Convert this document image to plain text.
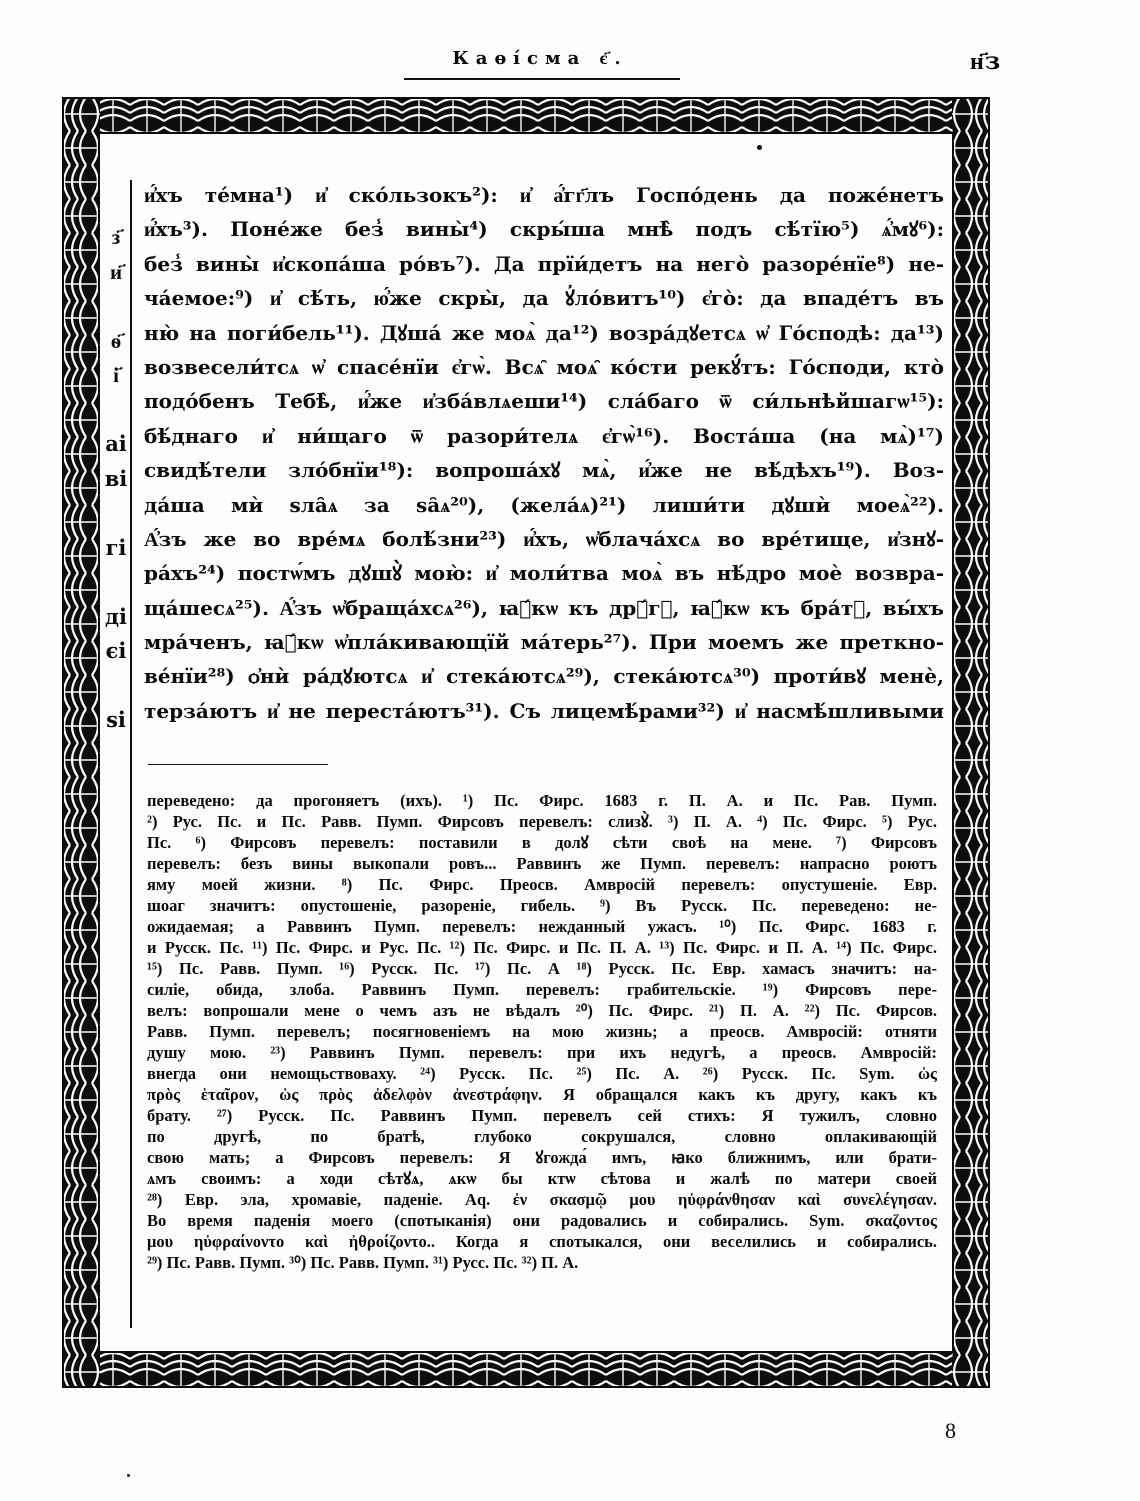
Каѳі́сма є҃.	н҃з
з҃
и҃
ѳ҃
і҃
аі
ві
гі
ді
єі
ѕі
и҆́хъ те́мна¹) и҆ ско́льзокъ²): и҆ а҆́гг҃лъ Госпо́день да поже́нетъ
и҆́хъ³). Поне́же без̾ вины̀⁴) скры́ша мнѣ̀ подъ сѣ́тїю⁵) ѧ҆́мꙋ⁶):
без̾ вины̀ и҆скопа́ша ро́въ⁷). Да прїи́детъ на него̀ разоре́нїе⁸) не-
ча́емое:⁹) и҆ сѣ́ть, ю҆́же скры̀, да ꙋ҆ло́витъ¹⁰) є҆го̀: да впаде́тъ въ
ню̀ на поги́бель¹¹). Дꙋша́ же моѧ̀ да¹²) возра́дꙋетсѧ ѡ҆ Го́сподѣ: да¹³)
возвесели́тсѧ ѡ҆ спасе́нїи є҆гѡ̀. Всѧ̑ моѧ̑ ко́сти рекꙋ́тъ: Го́споди, кто̀
подо́бенъ Тебѣ̀, и҆́же и҆зба́влѧеши¹⁴) сла́баго ѿ си́льнѣйшагѡ¹⁵):
бѣ́днаго и҆ ни́щаго ѿ разори́телѧ є҆гѡ̀¹⁶). Воста́ша (на мѧ̀)¹⁷)
свидѣ́тели зло́бнїи¹⁸): вопроша́хꙋ мѧ̀, и҆́же не вѣ́дѣхъ¹⁹). Воз-
да́ша мѝ ѕла̑ѧ за ѕа̑ѧ²⁰), (жела́ѧ)²¹) лиши́ти дꙋшѝ моеѧ̀²²).
А҆́зъ же во вре́мѧ болѣ́зни²³) и҆́хъ, ѡ҆блача́хсѧ во вре́тище, и҆знꙋ-
ра́хъ²⁴) постѡ́мъ дꙋшꙋ̀ мою̀: и҆ моли́тва моѧ̀ въ нѣ́дро моѐ возвра-
ща́шесѧ²⁵). А҆́зъ ѡ҆браща́хсѧ²⁶), ꙗ҆́кѡ къ дрꙋ́гꙋ, ꙗ҆́кѡ къ бра́тꙋ, вы́хъ
мра́ченъ, ꙗ҆́кѡ ѡ҆пла́кивающїй ма́терь²⁷). При моемъ же преткно-
ве́нїи²⁸) ѻ҆нѝ ра́дꙋютсѧ и҆ стека́ютсѧ²⁹), стека́ютсѧ³⁰) проти́вꙋ менѐ,
терза́ютъ и҆ не переста́ютъ³¹). Съ лицемѣ́рами³²) и҆ насмѣ́шливыми
переведено: да прогоняетъ (ихъ). ¹) Пс. Фирс. 1683 г. П. А. и Пс. Рав. Пумп.
²) Рус. Пс. и Пс. Равв. Пумп. Фирсовъ перевелъ: слизꙋ̀. ³) П. А. ⁴) Пс. Фирс. ⁵) Рус.
Пс. ⁶) Фирсовъ перевелъ: поставили в долꙋ сѣти своѣ на мене. ⁷) Фирсовъ
перевелъ: безъ вины выкопали ровъ... Раввинъ же Пумп. перевелъ: напрасно роютъ
яму моей жизни. ⁸) Пс. Фирс. Преосв. Амвросій перевелъ: опустушеніе. Евр.
шоаг значитъ: опустошеніе, разореніе, гибель. ⁹) Въ Русск. Пс. переведено: не-
ожидаемая; а Раввинъ Пумп. перевелъ: нежданный ужасъ. ¹⁰) Пс. Фирс. 1683 г.
и Русск. Пс. ¹¹) Пс. Фирс. и Рус. Пс. ¹²) Пс. Фирс. и Пс. П. А. ¹³) Пс. Фирс. и П. А. ¹⁴) Пс. Фирс.
¹⁵) Пс. Равв. Пумп. ¹⁶) Русск. Пс. ¹⁷) Пс. А ¹⁸) Русск. Пс. Евр. хамасъ значитъ: на-
силіе, обида, злоба. Раввинъ Пумп. перевелъ: грабительскіе. ¹⁹) Фирсовъ пере-
велъ: вопрошали мене о чемъ азъ не вѣдалъ ²⁰) Пс. Фирс. ²¹) П. А. ²²) Пс. Фирсов.
Равв. Пумп. перевелъ; посягновеніемъ на мою жизнь; а преосв. Амвросій: отняти
душу мою. ²³) Раввинъ Пумп. перевелъ: при ихъ недугѣ, а преосв. Амвросій:
внегда они немощьствоваху. ²⁴) Русск. Пс. ²⁵) Пс. А. ²⁶) Русск. Пс. Sym. ὡς
πρὸς ἑταῖρον, ὡς πρὸς ἀδελφὸν ἀνεστράφην. Я обращался какъ къ другу, какъ къ
брату. ²⁷) Русск. Пс. Раввинъ Пумп. перевелъ сей стихъ: Я тужилъ, словно
по другѣ, по братѣ, глубоко сокрушался, словно оплакивающій
свою мать; а Фирсовъ перевелъ: Я ꙋгожда́ имъ, ꙗко ближнимъ, или брати-
ѧмъ своимъ: а ходи сѣтꙋѧ, ѧкѡ бы ктѡ сѣтова и жалѣ по матери своей
²⁸) Евр. эла, хромавіе, паденіе. Aq. ἐν σκασμῷ μου ηὐφράνθησαν καὶ συνελέγησαν.
Во время паденія моего (спотыканія) они радовались и собирались. Sym. σκαζοντος
μου ηὐφραίνοντο καὶ ἠθροίζοντο.. Когда я спотыкался, они веселились и собирались.
²⁹) Пс. Равв. Пумп. ³⁰) Пс. Равв. Пумп. ³¹) Русс. Пс. ³²) П. А.
8
